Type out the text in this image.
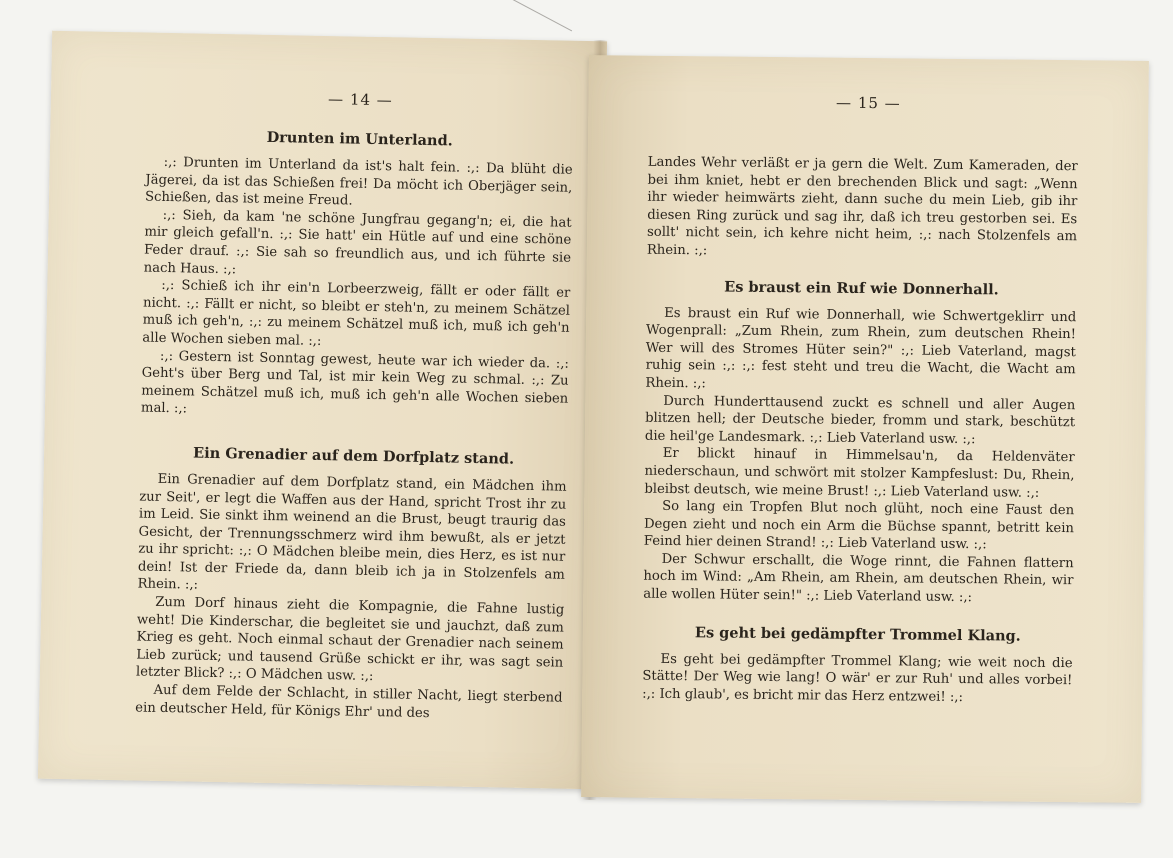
— 14 —
Drunten im Unterland.

:,: Drunten im Unterland da ist's halt fein. :,: Da blüht die Jägerei, da ist das Schießen frei! Da möcht ich Oberjäger sein, Schießen, das ist meine Freud.

:,: Sieh, da kam 'ne schöne Jungfrau gegang'n; ei, die hat mir gleich gefall'n. :,: Sie hatt' ein Hütle auf und eine schöne Feder drauf. :,: Sie sah so freundlich aus, und ich führte sie nach Haus. :,:

:,: Schieß ich ihr ein'n Lorbeerzweig, fällt er oder fällt er nicht. :,: Fällt er nicht, so bleibt er steh'n, zu meinem Schätzel muß ich geh'n, :,: zu meinem Schätzel muß ich, muß ich geh'n alle Wochen sieben mal. :,:

:,: Gestern ist Sonntag gewest, heute war ich wieder da. :,: Geht's über Berg und Tal, ist mir kein Weg zu schmal. :,: Zu meinem Schätzel muß ich, muß ich geh'n alle Wochen sieben mal. :,:

Ein Grenadier auf dem Dorfplatz stand.

Ein Grenadier auf dem Dorfplatz stand, ein Mädchen ihm zur Seit', er legt die Waffen aus der Hand, spricht Trost ihr zu im Leid. Sie sinkt ihm weinend an die Brust, beugt traurig das Gesicht, der Trennungsschmerz wird ihm bewußt, als er jetzt zu ihr spricht: :,: O Mädchen bleibe mein, dies Herz, es ist nur dein! Ist der Friede da, dann bleib ich ja in Stolzenfels am Rhein. :,:

Zum Dorf hinaus zieht die Kompagnie, die Fahne lustig weht! Die Kinderschar, die begleitet sie und jauchzt, daß zum Krieg es geht. Noch einmal schaut der Grenadier nach seinem Lieb zurück; und tausend Grüße schickt er ihr, was sagt sein letzter Blick? :,: O Mädchen usw. :,:

Auf dem Felde der Schlacht, in stiller Nacht, liegt sterbend ein deutscher Held, für Königs Ehr' und des

— 15 —

Landes Wehr verläßt er ja gern die Welt. Zum Kameraden, der bei ihm kniet, hebt er den brechenden Blick und sagt: „Wenn ihr wieder heimwärts zieht, dann suche du mein Lieb, gib ihr diesen Ring zurück und sag ihr, daß ich treu gestorben sei. Es sollt' nicht sein, ich kehre nicht heim, :,: nach Stolzenfels am Rhein. :,:

Es braust ein Ruf wie Donnerhall.

Es braust ein Ruf wie Donnerhall, wie Schwertgeklirr und Wogenprall: „Zum Rhein, zum Rhein, zum deutschen Rhein! Wer will des Stromes Hüter sein?" :,: Lieb Vaterland, magst ruhig sein :,: :,: fest steht und treu die Wacht, die Wacht am Rhein. :,:

Durch Hunderttausend zuckt es schnell und aller Augen blitzen hell; der Deutsche bieder, fromm und stark, beschützt die heil'ge Landesmark. :,: Lieb Vaterland usw. :,:

Er blickt hinauf in Himmelsau'n, da Heldenväter niederschaun, und schwört mit stolzer Kampfeslust: Du, Rhein, bleibst deutsch, wie meine Brust! :,: Lieb Vaterland usw. :,:

So lang ein Tropfen Blut noch glüht, noch eine Faust den Degen zieht und noch ein Arm die Büchse spannt, betritt kein Feind hier deinen Strand! :,: Lieb Vaterland usw. :,:

Der Schwur erschallt, die Woge rinnt, die Fahnen flattern hoch im Wind: „Am Rhein, am Rhein, am deutschen Rhein, wir alle wollen Hüter sein!" :,: Lieb Vaterland usw. :,:

Es geht bei gedämpfter Trommel Klang.

Es geht bei gedämpfter Trommel Klang; wie weit noch die Stätte! Der Weg wie lang! O wär' er zur Ruh' und alles vorbei! :,: Ich glaub', es bricht mir das Herz entzwei! :,:
